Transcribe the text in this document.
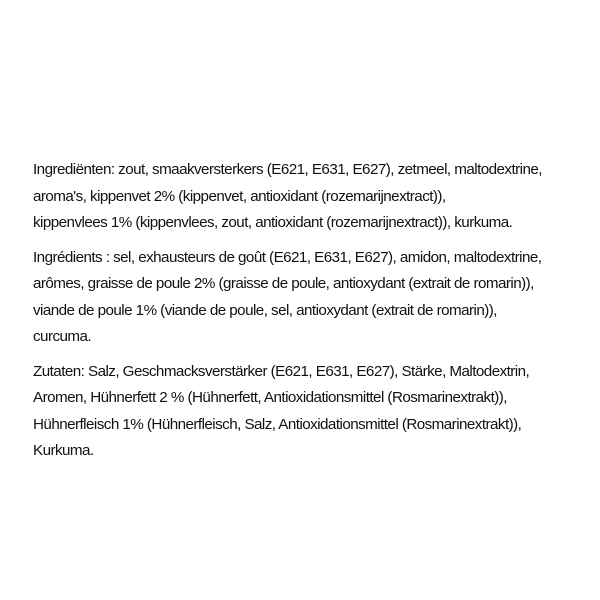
Ingrediënten: zout, smaakversterkers (E621, E631, E627), zetmeel, maltodextrine,
aroma's, kippenvet 2% (kippenvet, antioxidant (rozemarijnextract)),
kippenvlees 1% (kippenvlees, zout, antioxidant (rozemarijnextract)), kurkuma.
Ingrédients : sel, exhausteurs de goût (E621, E631, E627), amidon, maltodextrine,
arômes, graisse de poule 2% (graisse de poule, antioxydant (extrait de romarin)),
viande de poule 1% (viande de poule, sel, antioxydant (extrait de romarin)),
curcuma.
Zutaten: Salz, Geschmacksverstärker (E621, E631, E627), Stärke, Maltodextrin,
Aromen, Hühnerfett 2 % (Hühnerfett, Antioxidationsmittel (Rosmarinextrakt)),
Hühnerfleisch 1% (Hühnerfleisch, Salz, Antioxidationsmittel (Rosmarinextrakt)),
Kurkuma.
